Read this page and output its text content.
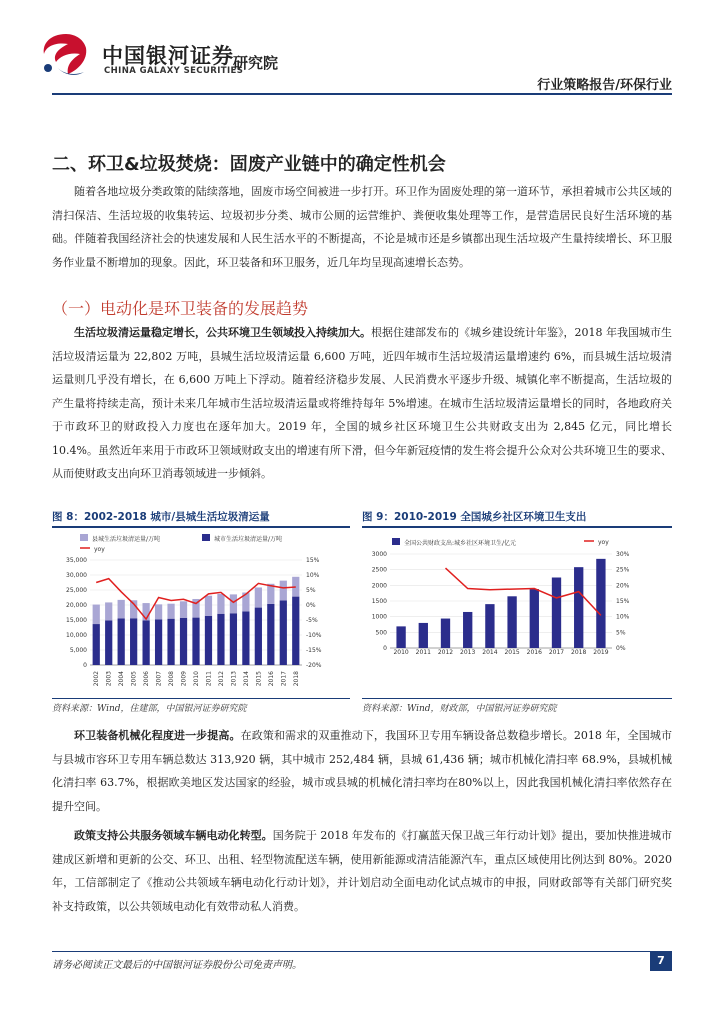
中国银河证券
CHINA GALAXY SECURITIES
研究院
行业策略报告/环保行业
二、环卫&垃圾焚烧：固废产业链中的确定性机会

随着各地垃圾分类政策的陆续落地，固废市场空间被进一步打开。环卫作为固废处理的第一道环节，承担着城市公共区域的清扫保洁、生活垃圾的收集转运、垃圾初步分类、城市公厕的运营维护、粪便收集处理等工作，是营造居民良好生活环境的基础。伴随着我国经济社会的快速发展和人民生活水平的不断提高，不论是城市还是乡镇都出现生活垃圾产生量持续增长、环卫服务作业量不断增加的现象。因此，环卫装备和环卫服务，近几年均呈现高速增长态势。

（一）电动化是环卫装备的发展趋势

生活垃圾清运量稳定增长，公共环境卫生领域投入持续加大。根据住建部发布的《城乡建设统计年鉴》，2018 年我国城市生活垃圾清运量为 22,802 万吨，县城生活垃圾清运量 6,600 万吨，近四年城市生活垃圾清运量增速约 6%，而县城生活垃圾清运量则几乎没有增长，在 6,600 万吨上下浮动。随着经济稳步发展、人民消费水平逐步升级、城镇化率不断提高，生活垃圾的产生量将持续走高，预计未来几年城市生活垃圾清运量或将维持每年 5%增速。在城市生活垃圾清运量增长的同时，各地政府关于市政环卫的财政投入力度也在逐年加大。2019 年，全国的城乡社区环境卫生公共财政支出为 2,845 亿元，同比增长 10.4%。虽然近年来用于市政环卫领域财政支出的增速有所下滑，但今年新冠疫情的发生将会提升公众对公共环境卫生的要求、从而使财政支出向环卫消毒领域进一步倾斜。

图 8：2002-2018 城市/县城生活垃圾清运量
县城生活垃圾清运量/万吨	城市生活垃圾清运量/万吨
yoy
0
5,000
10,000
15,000
20,000
25,000
30,000
35,000
-20%
-15%
-10%
-5%
0%
5%
10%
15%
2002 2003 2004 2005 2006 2007 2008 2009 2010 2011 2012 2013 2014 2015 2016 2017 2018
资料来源：Wind，住建部，中国银河证券研究院
图 9：2010-2019 全国城乡社区环境卫生支出
全国公共财政支出:城乡社区环境卫生/亿元	yoy
0
500
1000
1500
2000
2500
3000
0%
5%
10%
15%
20%
25%
30%
2010 2011 2012 2013 2014 2015 2016 2017 2018 2019
资料来源：Wind，财政部，中国银河证券研究院

环卫装备机械化程度进一步提高。在政策和需求的双重推动下，我国环卫专用车辆设备总数稳步增长。2018 年，全国城市与县城市容环卫专用车辆总数达 313,920 辆，其中城市 252,484 辆，县城 61,436 辆；城市机械化清扫率 68.9%，县城机械化清扫率 63.7%，根据欧美地区发达国家的经验，城市或县城的机械化清扫率均在80%以上，因此我国机械化清扫率依然存在提升空间。

政策支持公共服务领域车辆电动化转型。国务院于 2018 年发布的《打赢蓝天保卫战三年行动计划》提出，要加快推进城市建成区新增和更新的公交、环卫、出租、轻型物流配送车辆，使用新能源或清洁能源汽车，重点区域使用比例达到 80%。2020 年，工信部制定了《推动公共领域车辆电动化行动计划》，并计划启动全面电动化试点城市的申报，同财政部等有关部门研究奖补支持政策，以公共领域电动化有效带动私人消费。

请务必阅读正文最后的中国银河证券股份公司免责声明。	7
